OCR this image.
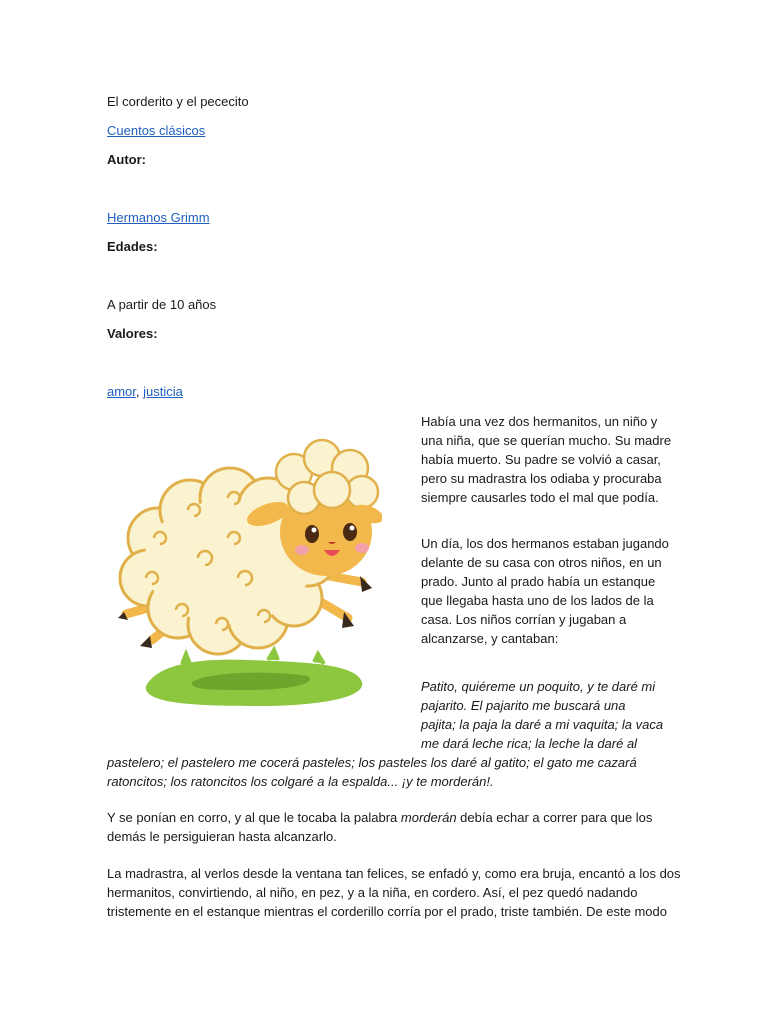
El corderito y el pececito
Cuentos clásicos
Autor:
Hermanos Grimm
Edades:
A partir de 10 años
Valores:
amor, justicia

Había una vez dos hermanitos, un niño y

una niña, que se querían mucho. Su madre

había muerto. Su padre se volvió a casar,

pero su madrastra los odiaba y procuraba

siempre causarles todo el mal que podía.

Un día, los dos hermanos estaban jugando

delante de su casa con otros niños, en un

prado. Junto al prado había un estanque

que llegaba hasta uno de los lados de la

casa. Los niños corrían y jugaban a

alcanzarse, y cantaban:

Patito, quiéreme un poquito, y te daré mi

pajarito. El pajarito me buscará una

pajita; la paja la daré a mi vaquita; la vaca

me dará leche rica; la leche la daré al

pastelero; el pastelero me cocerá pasteles; los pasteles los daré al gatito; el gato me cazará

ratoncitos; los ratoncitos los colgaré a la espalda... ¡y te morderán!.

Y se ponían en corro, y al que le tocaba la palabra morderán debía echar a correr para que los

demás le persiguieran hasta alcanzarlo.

La madrastra, al verlos desde la ventana tan felices, se enfadó y, como era bruja, encantó a los dos

hermanitos, convirtiendo, al niño, en pez, y a la niña, en cordero. Así, el pez quedó nadando

tristemente en el estanque mientras el corderillo corría por el prado, triste también. De este modo
